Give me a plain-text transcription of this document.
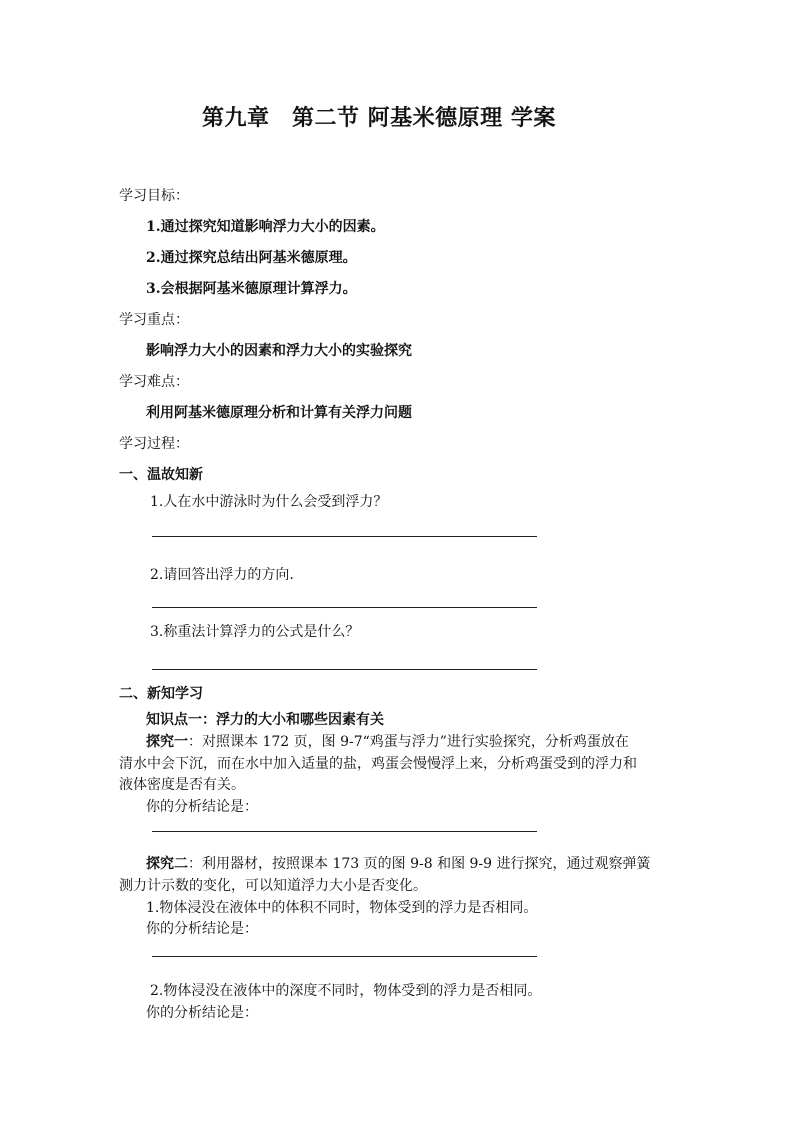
第九章　第二节 阿基米德原理 学案
学习目标：
1.通过探究知道影响浮力大小的因素。
2.通过探究总结出阿基米德原理。
3.会根据阿基米德原理计算浮力。
学习重点：
影响浮力大小的因素和浮力大小的实验探究
学习难点：
利用阿基米德原理分析和计算有关浮力问题
学习过程：
一、温故知新
1.人在水中游泳时为什么会受到浮力？
2.请回答出浮力的方向.
3.称重法计算浮力的公式是什么？
二、新知学习
知识点一：浮力的大小和哪些因素有关
探究一：对照课本 172 页，图 9-7“鸡蛋与浮力”进行实验探究，分析鸡蛋放在
清水中会下沉，而在水中加入适量的盐，鸡蛋会慢慢浮上来，分析鸡蛋受到的浮力和
液体密度是否有关。
你的分析结论是：
探究二：利用器材，按照课本 173 页的图 9-8 和图 9-9 进行探究，通过观察弹簧
测力计示数的变化，可以知道浮力大小是否变化。
1.物体浸没在液体中的体积不同时，物体受到的浮力是否相同。
你的分析结论是：
2.物体浸没在液体中的深度不同时，物体受到的浮力是否相同。
你的分析结论是：
